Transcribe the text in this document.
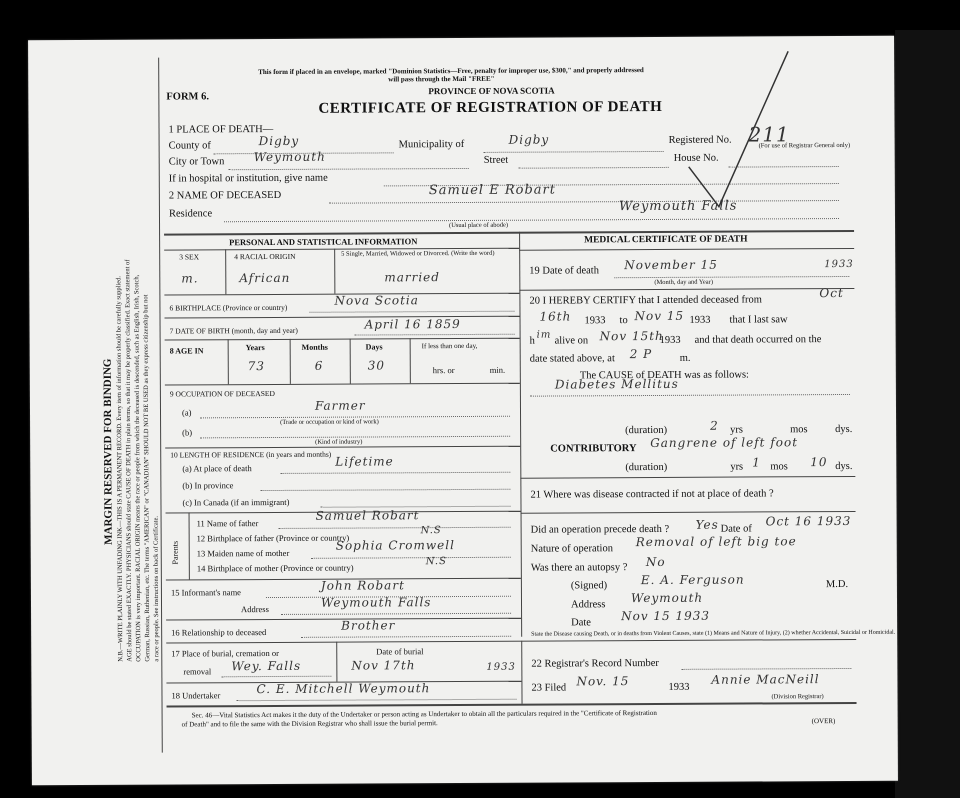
MARGIN RESERVED FOR BINDING N.B.—WRITE PLAINLY WITH UNFADING INK—THIS IS A PERMANENT RECORD. Every item of information should be carefully supplied. AGE should be stated EXACTLY. PHYSICIANS should state CAUSE OF DEATH in plain terms, so that it may be properly classified. Exact statement of OCCUPATION is very important. RACIAL ORIGIN means the race or people from which the deceased is descended, such as English, Irish, Scotch, German, Russian, Ruthenian, etc. The terms "AMERICAN" or "CANADIAN" SHOULD NOT BE USED as they express citizenship but not a race or people. See instructions on back of Certificate.
This form if placed in an envelope, marked "Dominion Statistics—Free, penalty for improper use, $300," and properly addressed
will pass through the Mail "FREE"
PROVINCE OF NOVA SCOTIA
FORM 6.
CERTIFICATE OF REGISTRATION OF DEATH
1 PLACE OF DEATH—
County of	Digby	Municipality of	Digby	Registered No. 211
(For use of Registrar General only)
City or Town Weymouth	Street	House No.
If in hospital or institution, give name
2 NAME OF DECEASED	Samuel E Robart
Residence	Weymouth Falls
(Usual place of abode)
PERSONAL AND STATISTICAL INFORMATION
3 SEX	4 RACIAL ORIGIN	5 Single, Married, Widowed or Divorced. (Write the word)
m.	African	married
6 BIRTHPLACE (Province or country)
Nova Scotia
7 DATE OF BIRTH (month, day and year)	April 16 1859
8 AGE IN	Years	Months	Days	If less than one day,
73	6	30	hrs. or	min.
9 OCCUPATION OF DECEASED
(a)	Farmer
(Trade or occupation or kind of work)
(b)
(Kind of industry)
10 LENGTH OF RESIDENCE (in years and months)
(a) At place of death	Lifetime
(b) In province
(c) In Canada (if an immigrant)
Parents
11 Name of father
Samuel Robart
12 Birthplace of father (Province or country)
N.S
13 Maiden name of mother
Sophia Cromwell
14 Birthplace of mother (Province or country)
N.S
15 Informant's name	John Robart
Address	Weymouth Falls
16 Relationship to deceased	Brother
17 Place of burial, cremation or	Date of burial
removal Wey. Falls	Nov 17th	1933
18 Undertaker	C. E. Mitchell Weymouth
MEDICAL CERTIFICATE OF DEATH
19 Date of death November 15	1933
(Month, day and Year)
20 I HEREBY CERTIFY that I attended deceased from
Oct
16th 1933 to Nov 15 1933 that I last saw
h
im
alive on Nov 15th
1933 and that death occurred on the
date stated above, at 2 P	m.
The CAUSE of DEATH was as follows:
Diabetes Mellitus
(duration)	2 yrs	mos	dys.
CONTRIBUTORY Gangrene of left foot
(duration)	yrs 1 mos 10 dys.
21 Where was disease contracted if not at place of death ?
Did an operation precede death ? Yes Date of
Oct 16 1933
Nature of operation Removal of left big toe
Was there an autopsy ? No
(Signed)	E. A. Ferguson	M.D.
Address Weymouth
Date	Nov 15 1933
State the Disease causing Death, or in deaths from Violent Causes, state (1) Means and Nature of Injury, (2) whether Accidental, Suicidal or Homicidal.
22 Registrar's Record Number
23 Filed Nov. 15	1933
Annie MacNeill
(Division Registrar)
Sec. 46—Vital Statistics Act makes it the duty of the Undertaker or person acting as Undertaker to obtain all the particulars required in the "Certificate of Registration
of Death" and to file the same with the Division Registrar who shall issue the burial permit.	(OVER)
